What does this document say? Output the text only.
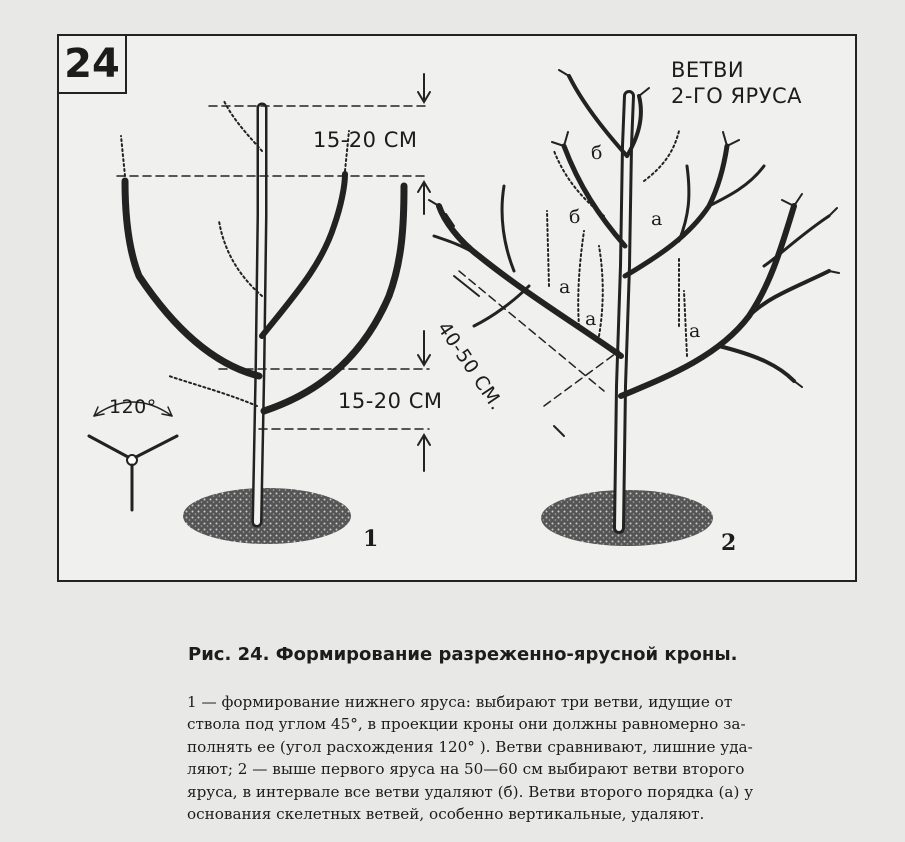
24
15-20 СМ
15-20 СМ
120°
ВЕТВИ
2-ГО ЯРУСА
40-50 СМ.
б
б	а
а
а
а
1	2
Рис. 24. Формирование разреженно-ярусной кроны.

1 — формирование нижнего яруса: выбирают три ветви, идущие от

ствола под углом 45°, в проекции кроны они должны равномерно за-

полнять ее (угол расхождения 120° ). Ветви сравнивают, лишние уда-

ляют; 2 — выше первого яруса на 50—60 см выбирают ветви второго

яруса, в интервале все ветви удаляют (б). Ветви второго порядка (а) у

основания скелетных ветвей, особенно вертикальные, удаляют.
